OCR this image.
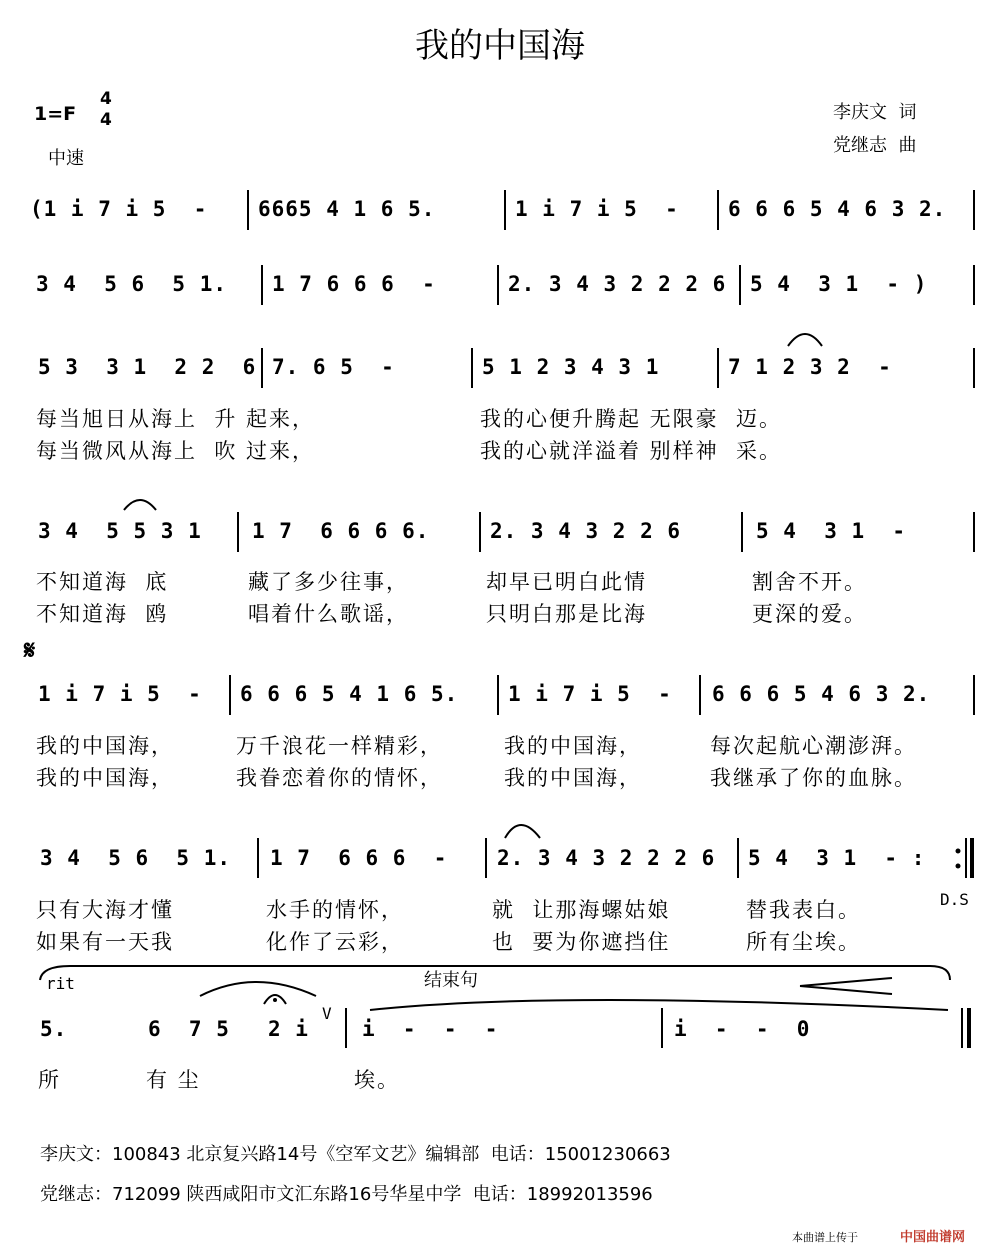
我的中国海
1=F
4
4
中速
李庆文  词
党继志  曲
(1 i 7 i 5  - 6665 4 1 6 5.	1 i 7 i 5  - 6 6 6 5 4 6 3 2.
3 4  5 6  5 1. 1 7 6 6 6  -	2. 3 4 3 2 2 2 6 5 4  3 1  - )
5 3  3 1  2 2  6 7. 6 5  -	5 1 2 3 4 3 1	7 1 2 3 2  -
每当旭日从海上  升 起来，	我的心便升腾起 无限豪  迈。
每当微风从海上  吹 过来，	我的心就洋溢着 别样神  采。
3 4  5 5 3 1 1 7  6 6 6 6.	2. 3 4 3 2 2 6	5 4  3 1  -
不知道海  底	藏了多少往事，	却早已明白此情	割舍不开。
不知道海  鸥	唱着什么歌谣，	只明白那是比海	更深的爱。
𝄋
1 i 7 i 5  - 6 6 6 5 4 1 6 5. 1 i 7 i 5  - 6 6 6 5 4 6 3 2.
我的中国海，	万千浪花一样精彩，	我的中国海，	每次起航心潮澎湃。
我的中国海，	我眷恋着你的情怀，	我的中国海，	我继承了你的血脉。
3 4  5 6  5 1. 1 7  6 6 6  - 2. 3 4 3 2 2 2 6 5 4  3 1  - :
只有大海才懂	水手的情怀，	就  让那海螺姑娘	替我表白。
如果有一天我	化作了云彩，	也  要为你遮挡住	所有尘埃。
D.S
rit	结束句
5.	6  7 5 2 i
V
i  -  -  -	i  -  -  0
所	有 尘	埃。
李庆文：100843 北京复兴路14号《空军文艺》编辑部  电话：15001230663
党继志：712099 陕西咸阳市文汇东路16号华星中学  电话：18992013596
本曲谱上传于	中国曲谱网
